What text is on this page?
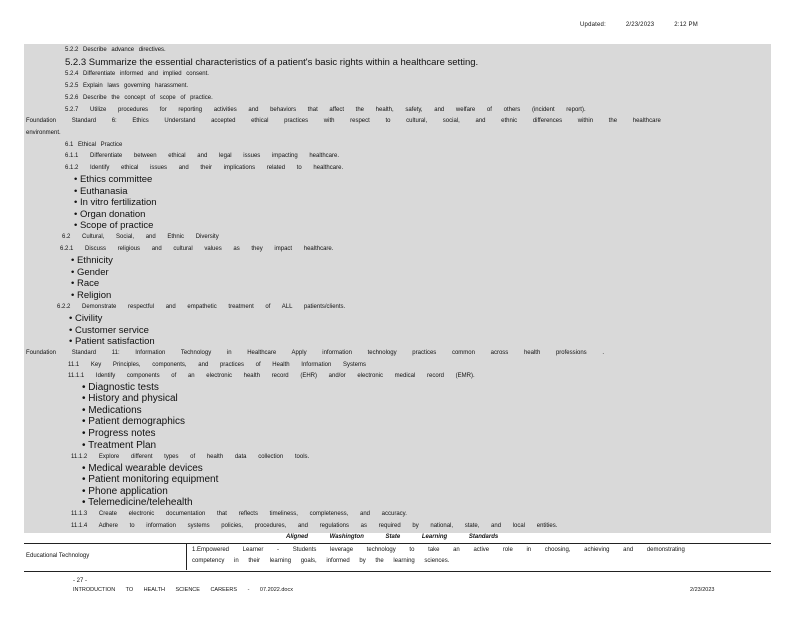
Updated:	2/23/2023	2:12 PM
5.2.2 Describe advance directives.
5.2.3 Summarize the essential characteristics of a patient's basic rights within a healthcare setting.
5.2.4 Differentiate informed and implied consent.
5.2.5 Explain laws governing harassment.
5.2.6 Describe the concept of scope of practice.
5.2.7 Utilize procedures for reporting activities and behaviors that affect the health, safety, and welfare of others (incident report).
Foundation Standard 6: Ethics Understand accepted ethical practices with respect to cultural, social, and ethnic differences within the healthcare
environment.
6.1 Ethical Practice
6.1.1 Differentiate between ethical and legal issues impacting healthcare.
6.1.2 Identify ethical issues and their implications related to healthcare.
• Ethics committee
• Euthanasia
• In vitro fertilization
• Organ donation
• Scope of practice
6.2 Cultural, Social, and Ethnic Diversity
6.2.1 Discuss religious and cultural values as they impact healthcare.
• Ethnicity
• Gender
• Race
• Religion
6.2.2 Demonstrate respectful and empathetic treatment of ALL patients/clients.
• Civility
• Customer service
• Patient satisfaction
Foundation Standard 11: Information Technology in Healthcare Apply information technology practices common across health professions .
11.1 Key Principles, components, and practices of Health Information Systems
11.1.1 Identify components of an electronic health record (EHR) and/or electronic medical record (EMR).
• Diagnostic tests
• History and physical
• Medications
• Patient demographics
• Progress notes
• Treatment Plan
11.1.2 Explore different types of health data collection tools.
• Medical wearable devices
• Patient monitoring equipment
• Phone application
• Telemedicine/telehealth
11.1.3 Create electronic documentation that reflects timeliness, completeness, and accuracy.
11.1.4 Adhere to information systems policies, procedures, and regulations as required by national, state, and local entities.
Aligned Washington State Learning Standards
Educational Technology
1.Empowered Learner - Students leverage technology to take an active role in choosing, achieving and demonstrating
competency in their learning goals, informed by the learning sciences.
- 27 -
INTRODUCTION TO HEALTH SCIENCE CAREERS - 07.2022.docx	2/23/2023
